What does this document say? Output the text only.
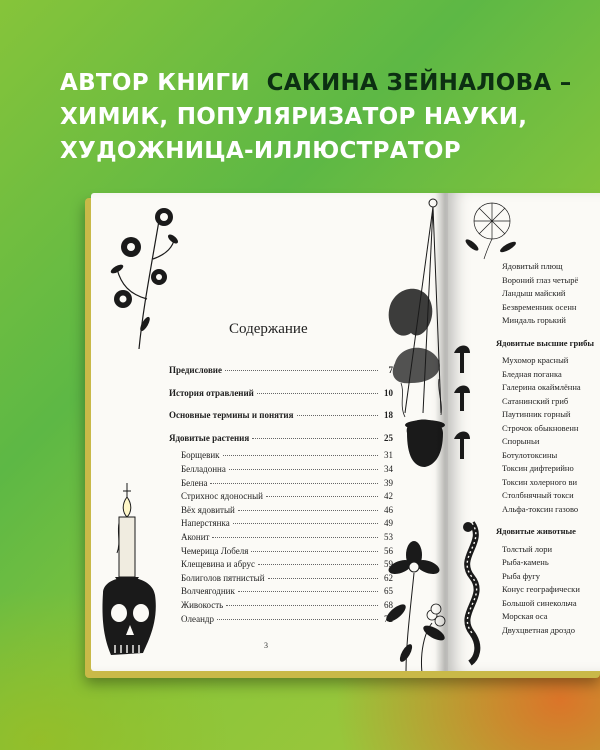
АВТОР КНИГИ САКИНА ЗЕЙНАЛОВА –
ХИМИК, ПОПУЛЯРИЗАТОР НАУКИ,
ХУДОЖНИЦА-ИЛЛЮСТРАТОР
Содержание
Предисловие	7
История отравлений	10
Основные термины и понятия	18
Ядовитые растения	25
Борщевик	31
Белладонна	34
Белена	39
Стрихнос ядоносный	42
Вёх ядовитый	46
Наперстянка	49
Аконит	53
Чемерица Лобеля	56
Клещевина и абрус	59
Болиголов пятнистый	62
Волчеягодник	65
Живокость	68
Олеандр	72
3
Ядовитый плющ
Вороний глаз четырё
Ландыш майский
Безвременник осенн
Миндаль горький
Ядовитые высшие грибы
Мухомор красный
Бледная поганка
Галерина окаймлённа
Сатанинский гриб
Паутинник горный
Строчок обыкновенн
Спорыньи
Ботулотоксины
Токсин дифтерийно
Токсин холерного ви
Столбнячный токси
Альфа-токсин газово
Ядовитые животные
Толстый лори
Рыба-камень
Рыба фугу
Конус географически
Большой синекольча
Морская оса
Двухцветная дроздо
